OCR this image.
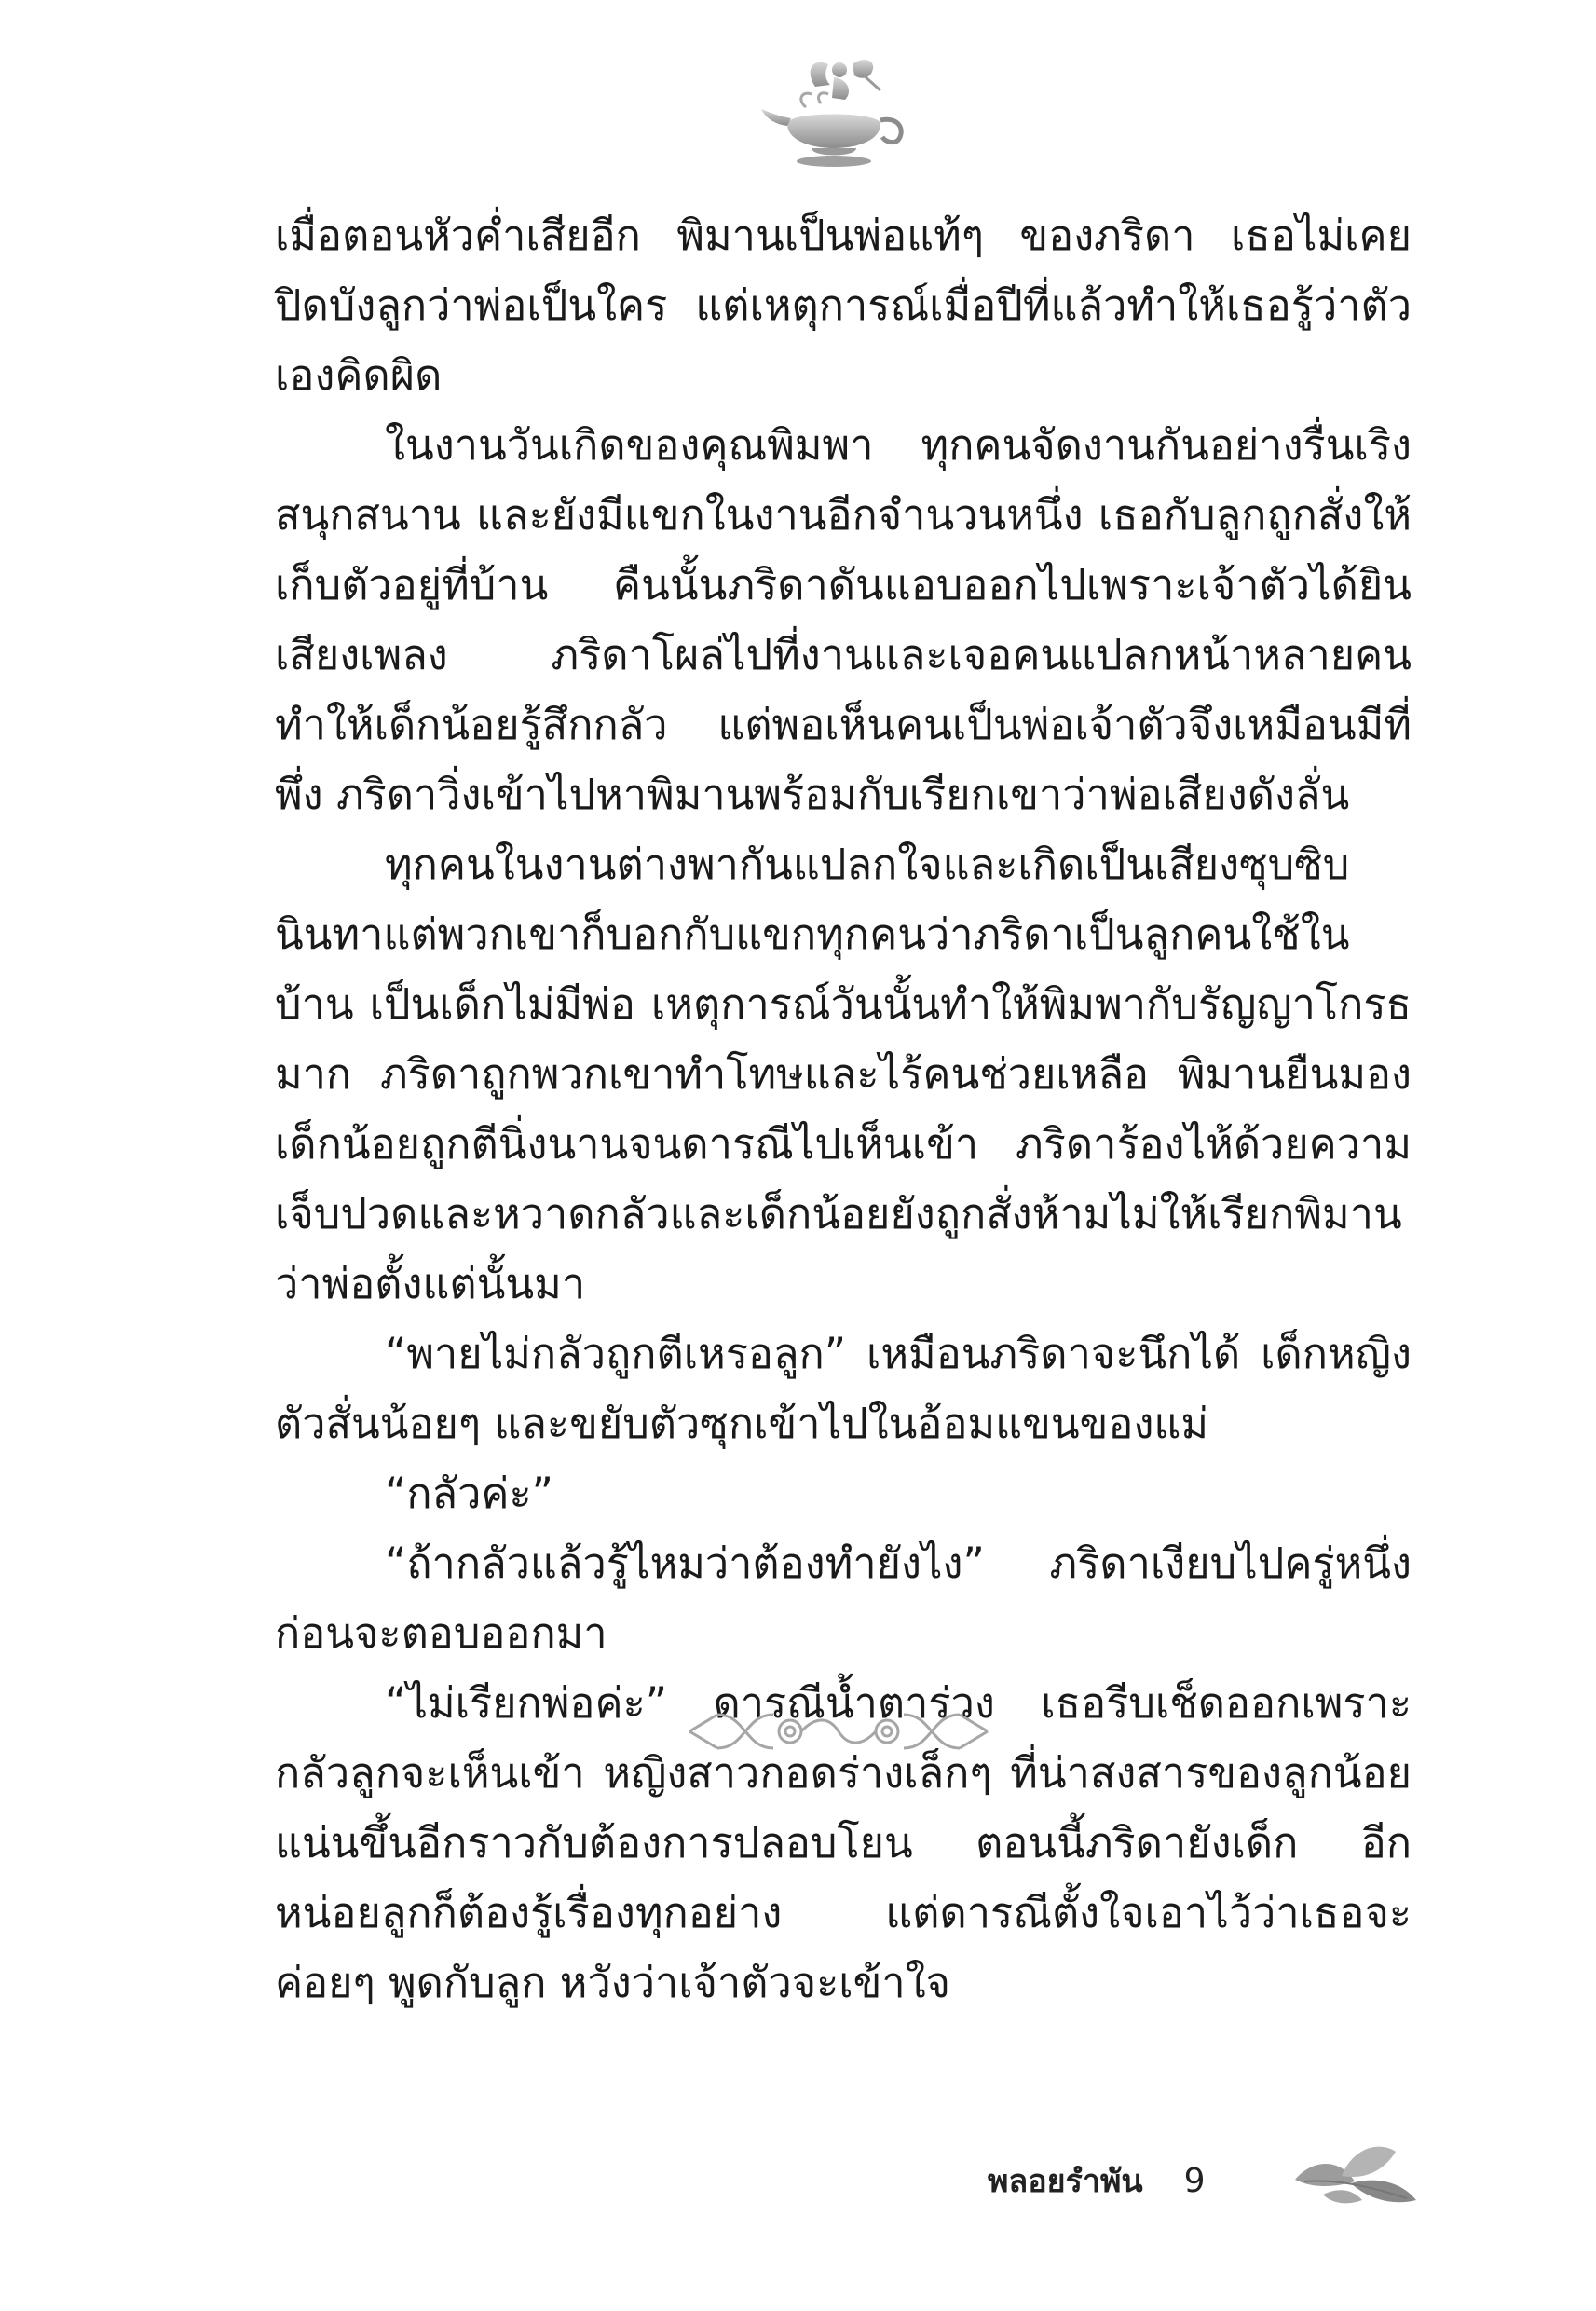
เมื่อตอนหัวค่ำเสียอีก พิมานเป็นพ่อแท้ๆ ของภริดา เธอไม่เคยปิดบังลูกว่าพ่อเป็นใคร แต่เหตุการณ์เมื่อปีที่แล้วทำให้เธอรู้ว่าตัวเองคิดผิด

ในงานวันเกิดของคุณพิมพา ทุกคนจัดงานกันอย่างรื่นเริงสนุกสนาน และยังมีแขกในงานอีกจำนวนหนึ่ง เธอกับลูกถูกสั่งให้เก็บตัวอยู่ที่บ้าน คืนนั้นภริดาดันแอบออกไปเพราะเจ้าตัวได้ยินเสียงเพลง ภริดาโผล่ไปที่งานและเจอคนแปลกหน้าหลายคนทำให้เด็กน้อยรู้สึกกลัว แต่พอเห็นคนเป็นพ่อเจ้าตัวจึงเหมือนมีที่พึ่ง ภริดาวิ่งเข้าไปหาพิมานพร้อมกับเรียกเขาว่าพ่อเสียงดังลั่น

ทุกคนในงานต่างพากันแปลกใจและเกิดเป็นเสียงซุบซิบนินทาแต่พวกเขาก็บอกกับแขกทุกคนว่าภริดาเป็นลูกคนใช้ในบ้าน เป็นเด็กไม่มีพ่อ เหตุการณ์วันนั้นทำให้พิมพากับรัญญาโกรธมาก ภริดาถูกพวกเขาทำโทษและไร้คนช่วยเหลือ พิมานยืนมองเด็กน้อยถูกตีนิ่งนานจนดารณีไปเห็นเข้า ภริดาร้องไห้ด้วยความเจ็บปวดและหวาดกลัวและเด็กน้อยยังถูกสั่งห้ามไม่ให้เรียกพิมานว่าพ่อตั้งแต่นั้นมา

“พายไม่กลัวถูกตีเหรอลูก” เหมือนภริดาจะนึกได้ เด็กหญิงตัวสั่นน้อยๆ และขยับตัวซุกเข้าไปในอ้อมแขนของแม่

“กลัวค่ะ”

“ถ้ากลัวแล้วรู้ไหมว่าต้องทำยังไง” ภริดาเงียบไปครู่หนึ่งก่อนจะตอบออกมา

“ไม่เรียกพ่อค่ะ” ดารณีน้ำตาร่วง เธอรีบเช็ดออกเพราะกลัวลูกจะเห็นเข้า หญิงสาวกอดร่างเล็กๆ ที่น่าสงสารของลูกน้อยแน่นขึ้นอีกราวกับต้องการปลอบโยน ตอนนี้ภริดายังเด็ก อีกหน่อยลูกก็ต้องรู้เรื่องทุกอย่าง แต่ดารณีตั้งใจเอาไว้ว่าเธอจะค่อยๆ พูดกับลูก หวังว่าเจ้าตัวจะเข้าใจ

พลอยรำพัน 9
